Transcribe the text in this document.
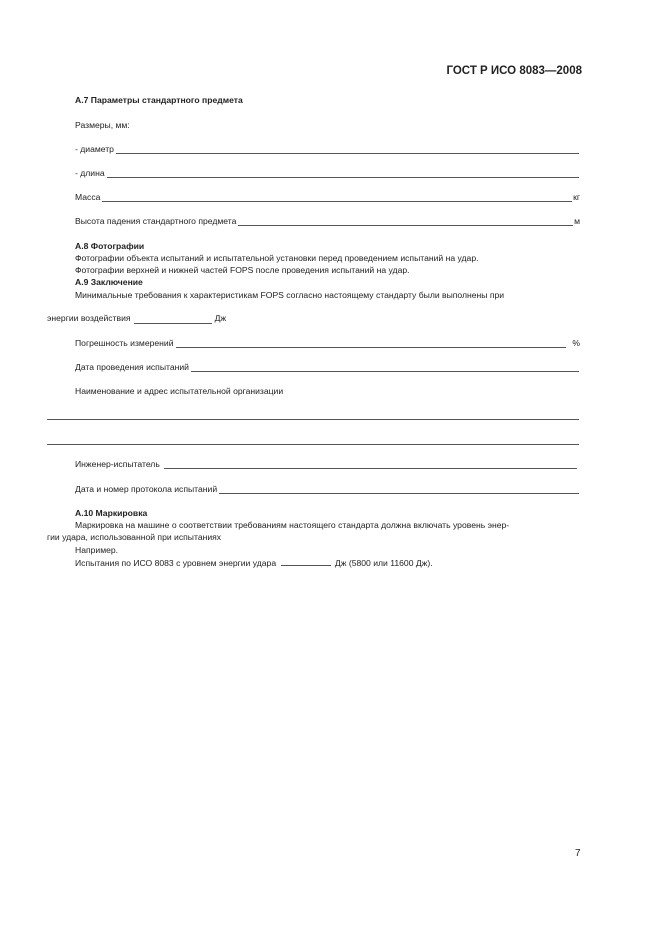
ГОСТ Р ИСО 8083—2008
А.7 Параметры стандартного предмета
Размеры, мм:
- диаметр
- длина
Масса	кг
Высота падения стандартного предмета	м
А.8 Фотографии
Фотографии объекта испытаний и испытательной установки перед проведением испытаний на удар.
Фотографии верхней и нижней частей FOPS после проведения испытаний на удар.
А.9 Заключение
Минимальные требования к характеристикам FOPS согласно настоящему стандарту были выполнены при
энергии воздействия	Дж
Погрешность измерений	%
Дата проведения испытаний
Наименование и адрес испытательной организации
Инженер-испытатель
Дата и номер протокола испытаний
А.10 Маркировка
Маркировка на машине о соответствии требованиям настоящего стандарта должна включать уровень энер-
гии удара, использованной при испытаниях
Например.
Испытания по ИСО 8083 с уровнем энергии удара	Дж (5800 или 11600 Дж).
7
